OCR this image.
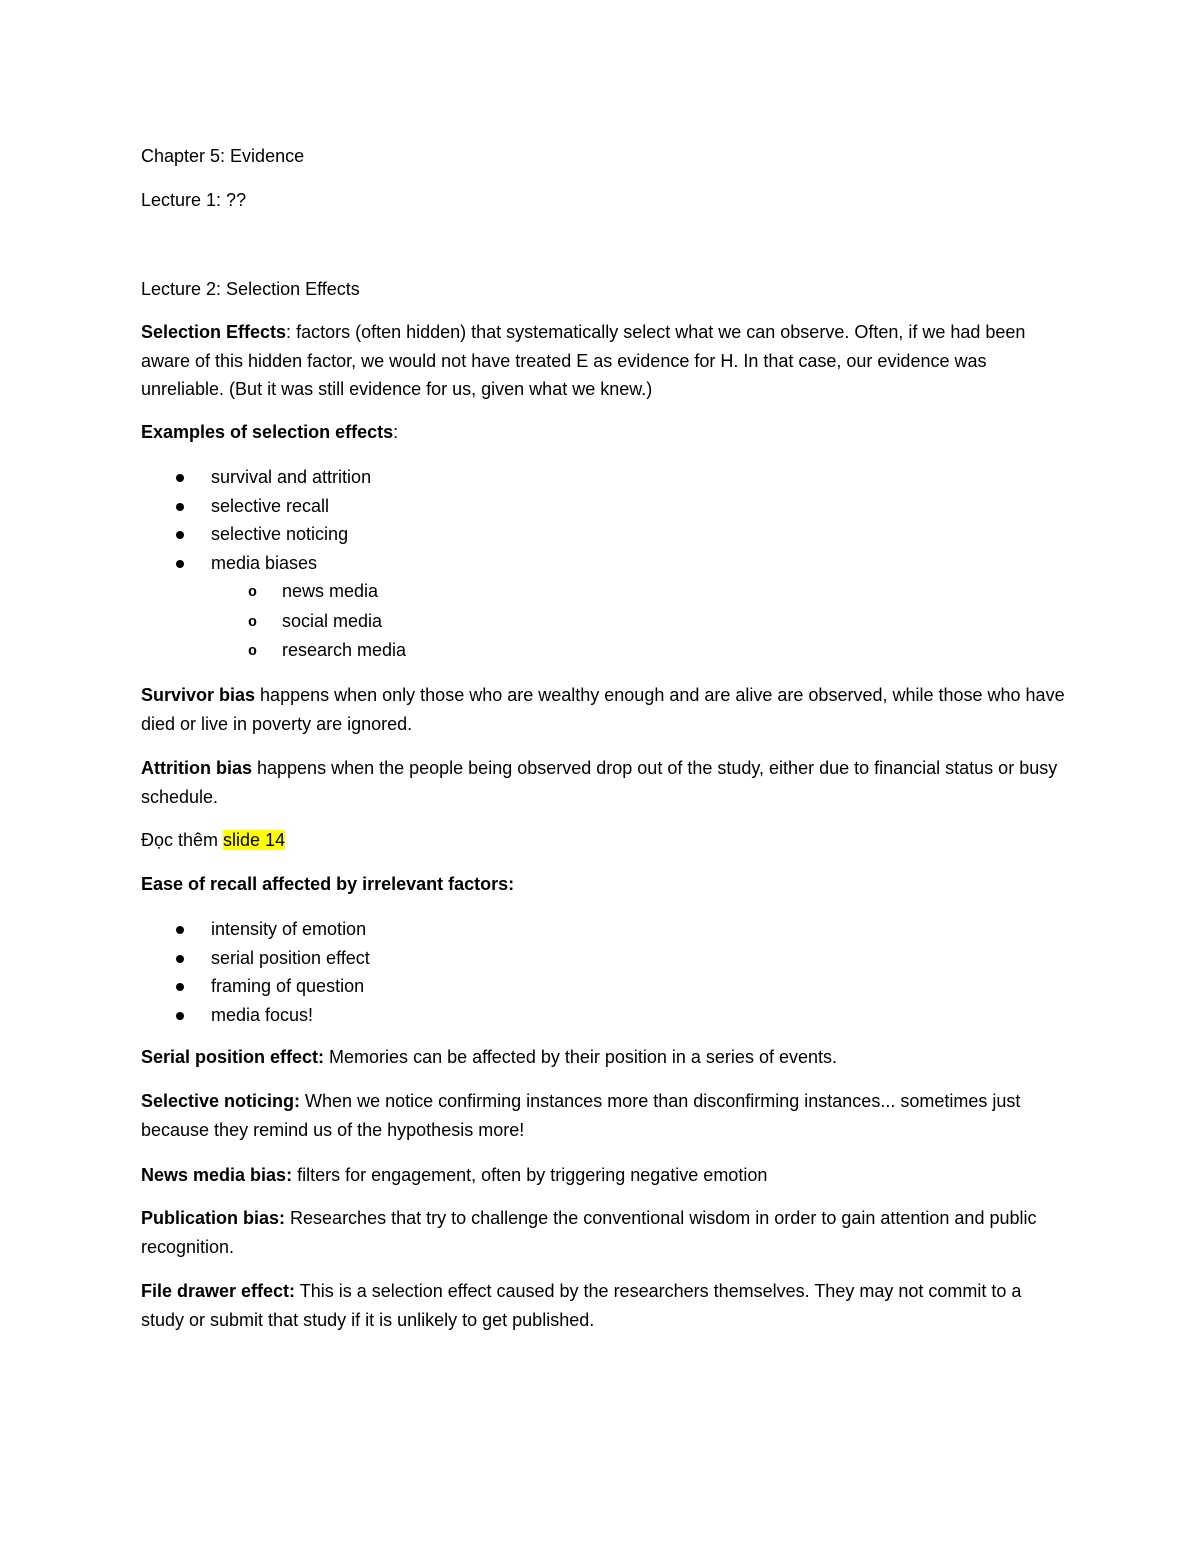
Chapter 5: Evidence
Lecture 1: ??
Lecture 2: Selection Effects
Selection Effects: factors (often hidden) that systematically select what we can observe. Often, if we had been aware of this hidden factor, we would not have treated E as evidence for H. In that case, our evidence was unreliable. (But it was still evidence for us, given what we knew.)
Examples of selection effects:
survival and attrition
selective recall
selective noticing
media biases
o news media
o social media
o research media
Survivor bias happens when only those who are wealthy enough and are alive are observed, while those who have died or live in poverty are ignored.
Attrition bias happens when the people being observed drop out of the study, either due to financial status or busy schedule.
Đọc thêm slide 14
Ease of recall affected by irrelevant factors:
intensity of emotion
serial position effect
framing of question
media focus!
Serial position effect: Memories can be affected by their position in a series of events.
Selective noticing: When we notice confirming instances more than disconfirming instances... sometimes just because they remind us of the hypothesis more!
News media bias: filters for engagement, often by triggering negative emotion
Publication bias: Researches that try to challenge the conventional wisdom in order to gain attention and public recognition.
File drawer effect: This is a selection effect caused by the researchers themselves. They may not commit to a study or submit that study if it is unlikely to get published.
